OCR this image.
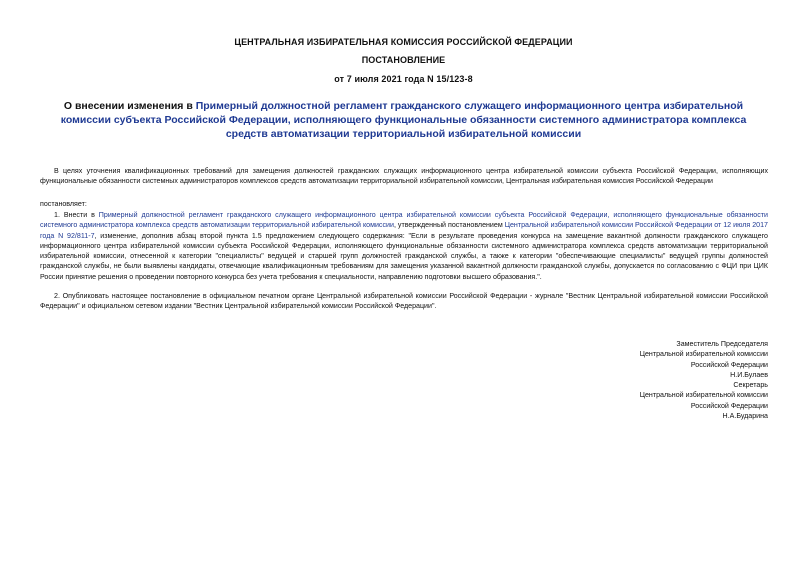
ЦЕНТРАЛЬНАЯ ИЗБИРАТЕЛЬНАЯ КОМИССИЯ РОССИЙСКОЙ ФЕДЕРАЦИИ
ПОСТАНОВЛЕНИЕ
от 7 июля 2021 года N 15/123-8
О внесении изменения в Примерный должностной регламент гражданского служащего информационного центра избирательной комиссии субъекта Российской Федерации, исполняющего функциональные обязанности системного администратора комплекса средств автоматизации территориальной избирательной комиссии
В целях уточнения квалификационных требований для замещения должностей гражданских служащих информационного центра избирательной комиссии субъекта Российской Федерации, исполняющих функциональные обязанности системных администраторов комплексов средств автоматизации территориальной избирательной комиссии, Центральная избирательная комиссия Российской Федерации
постановляет:
1. Внести в Примерный должностной регламент гражданского служащего информационного центра избирательной комиссии субъекта Российской Федерации, исполняющего функциональные обязанности системного администратора комплекса средств автоматизации территориальной избирательной комиссии, утвержденный постановлением Центральной избирательной комиссии Российской Федерации от 12 июля 2017 года N 92/811-7, изменение, дополнив абзац второй пункта 1.5 предложением следующего содержания: "Если в результате проведения конкурса на замещение вакантной должности гражданского служащего информационного центра избирательной комиссии субъекта Российской Федерации, исполняющего функциональные обязанности системного администратора комплекса средств автоматизации территориальной избирательной комиссии, отнесенной к категории "специалисты" ведущей и старшей групп должностей гражданской службы, а также к категории "обеспечивающие специалисты" ведущей группы должностей гражданской службы, не были выявлены кандидаты, отвечающие квалификационным требованиям для замещения указанной вакантной должности гражданской службы, допускается по согласованию с ФЦИ при ЦИК России принятие решения о проведении повторного конкурса без учета требования к специальности, направлению подготовки высшего образования.".
2. Опубликовать настоящее постановление в официальном печатном органе Центральной избирательной комиссии Российской Федерации - журнале "Вестник Центральной избирательной комиссии Российской Федерации" и официальном сетевом издании "Вестник Центральной избирательной комиссии Российской Федерации".
Заместитель Председателя
Центральной избирательной комиссии
Российской Федерации
Н.И.Булаев
Секретарь
Центральной избирательной комиссии
Российской Федерации
Н.А.Бударина
